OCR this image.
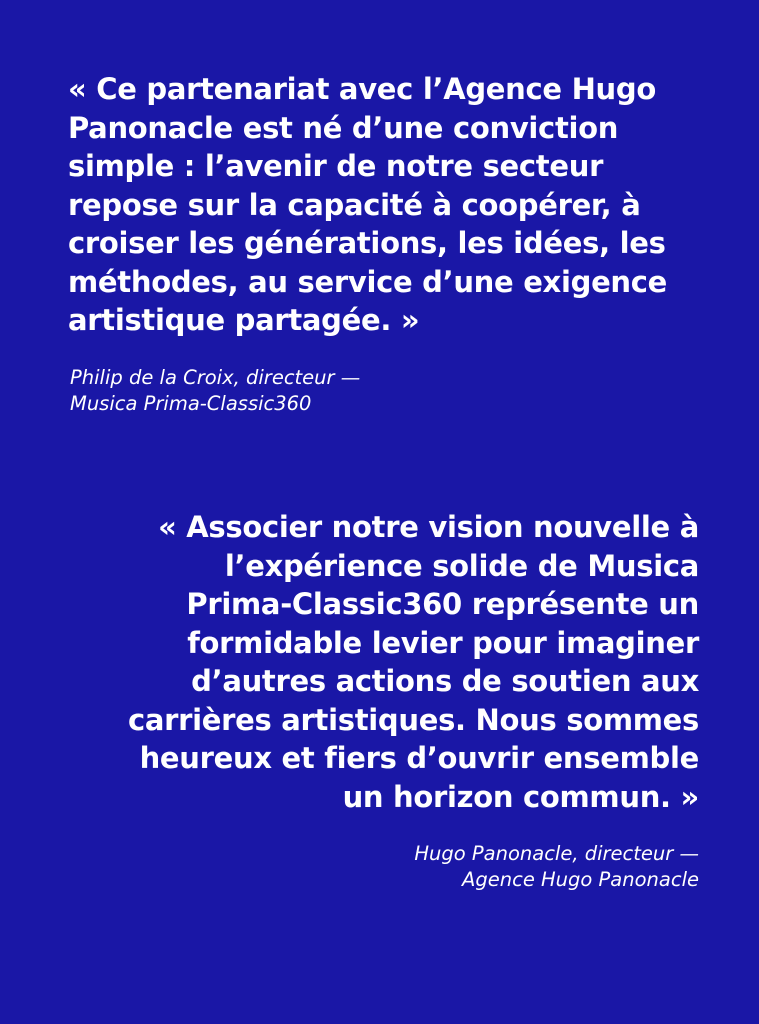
« Ce partenariat avec l’Agence Hugo
Panonacle est né d’une conviction
simple : l’avenir de notre secteur
repose sur la capacité à coopérer, à
croiser les générations, les idées, les
méthodes, au service d’une exigence
artistique partagée. »

Philip de la Croix, directeur —
Musica Prima-Classic360

« Associer notre vision nouvelle à
l’expérience solide de Musica
Prima-Classic360 représente un
formidable levier pour imaginer
d’autres actions de soutien aux
carrières artistiques. Nous sommes
heureux et fiers d’ouvrir ensemble
un horizon commun. »

Hugo Panonacle, directeur —
Agence Hugo Panonacle
